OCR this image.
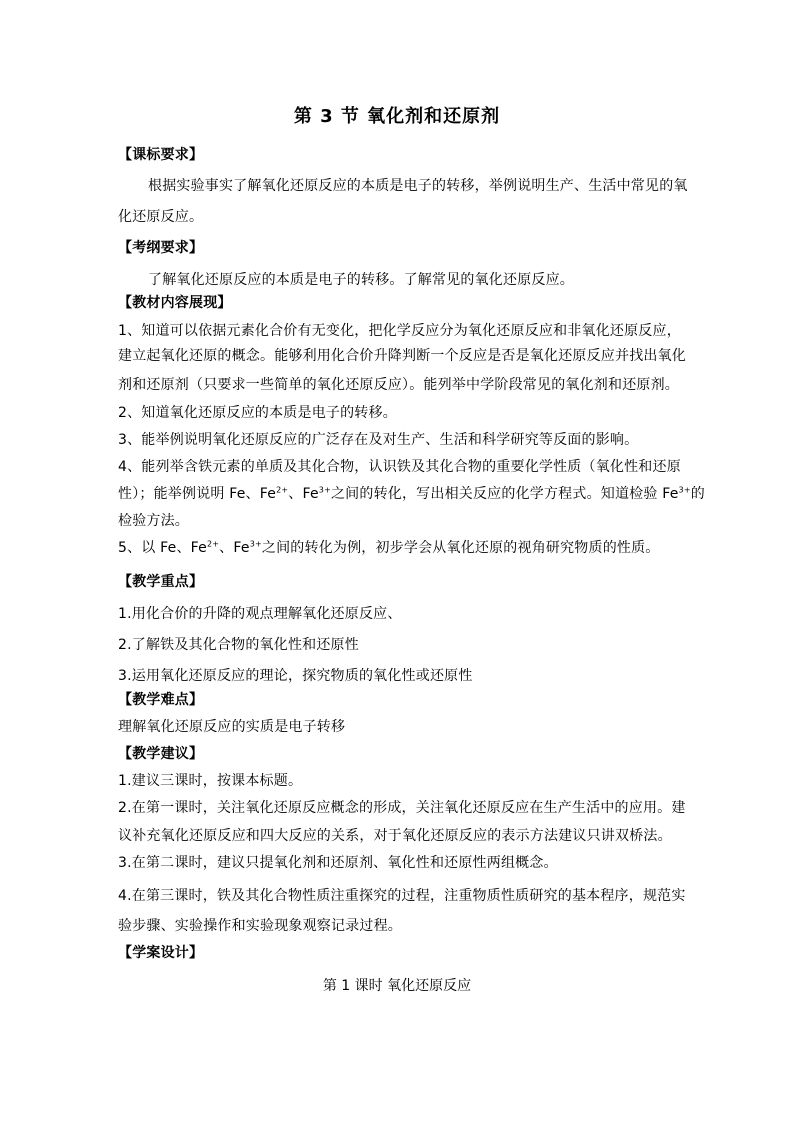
第 3 节 氧化剂和还原剂
【课标要求】
根据实验事实了解氧化还原反应的本质是电子的转移，举例说明生产、生活中常见的氧
化还原反应。
【考纲要求】
了解氧化还原反应的本质是电子的转移。了解常见的氧化还原反应。
【教材内容展现】
1、知道可以依据元素化合价有无变化，把化学反应分为氧化还原反应和非氧化还原反应，
建立起氧化还原的概念。能够利用化合价升降判断一个反应是否是氧化还原反应并找出氧化
剂和还原剂（只要求一些简单的氧化还原反应）。能列举中学阶段常见的氧化剂和还原剂。
2、知道氧化还原反应的本质是电子的转移。
3、能举例说明氧化还原反应的广泛存在及对生产、生活和科学研究等反面的影响。
4、能列举含铁元素的单质及其化合物，认识铁及其化合物的重要化学性质（氧化性和还原
性）；能举例说明 Fe、$Fe^{2+}$、$Fe^{3+}$之间的转化，写出相关反应的化学方程式。知道检验 $Fe^{3+}$的
检验方法。
5、以 Fe、$Fe^{2+}$、$Fe^{3+}$之间的转化为例，初步学会从氧化还原的视角研究物质的性质。
【教学重点】
1.用化合价的升降的观点理解氧化还原反应、
2.了解铁及其化合物的氧化性和还原性
3.运用氧化还原反应的理论，探究物质的氧化性或还原性
【教学难点】
理解氧化还原反应的实质是电子转移
【教学建议】
1.建议三课时，按课本标题。
2.在第一课时，关注氧化还原反应概念的形成，关注氧化还原反应在生产生活中的应用。建
议补充氧化还原反应和四大反应的关系，对于氧化还原反应的表示方法建议只讲双桥法。
3.在第二课时，建议只提氧化剂和还原剂、氧化性和还原性两组概念。
4.在第三课时，铁及其化合物性质注重探究的过程，注重物质性质研究的基本程序，规范实
验步骤、实验操作和实验现象观察记录过程。
【学案设计】
第 1 课时 氧化还原反应
